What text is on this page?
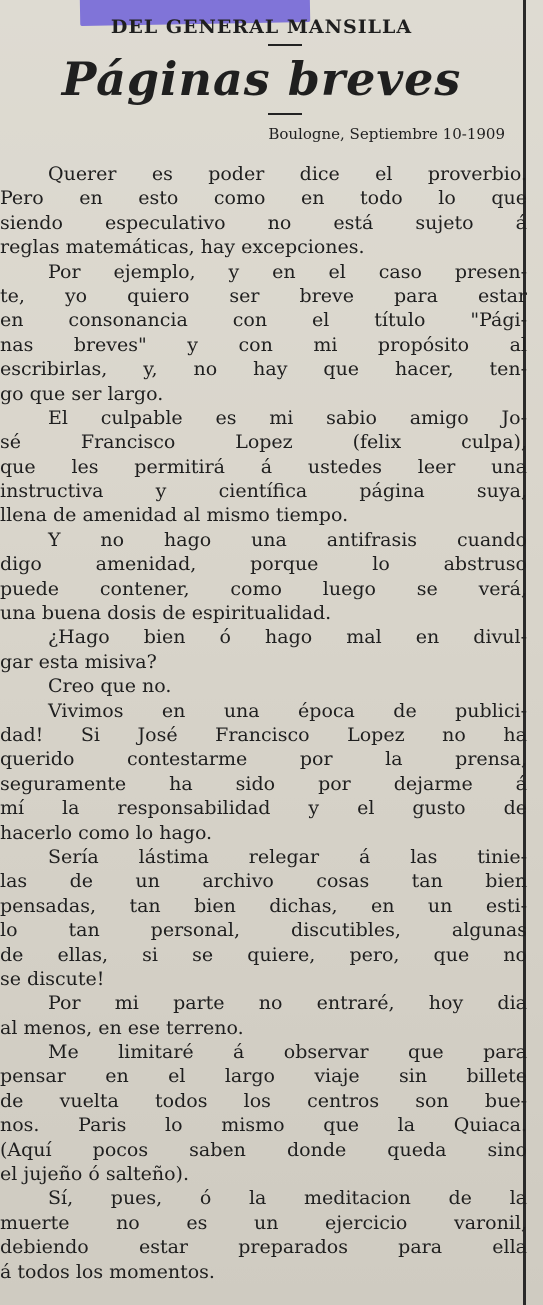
DEL GENERAL MANSILLA
Páginas breves
Boulogne, Septiembre 10-1909
Querer es poder dice el proverbio.
Pero en esto como en todo lo que
siendo especulativo no está sujeto á
reglas matemáticas, hay excepciones.
Por ejemplo, y en el caso presen-
te, yo quiero ser breve para estar
en consonancia con el título "Pági-
nas breves" y con mi propósito al
escribirlas, y, no hay que hacer, ten-
go que ser largo.
El culpable es mi sabio amigo Jo-
sé Francisco Lopez (felix culpa),
que les permitirá á ustedes leer una
instructiva y científica página suya,
llena de amenidad al mismo tiempo.
Y no hago una antifrasis cuando
digo amenidad, porque lo abstruso
puede contener, como luego se verá,
una buena dosis de espiritualidad.
¿Hago bien ó hago mal en divul-
gar esta misiva?
Creo que no.
Vivimos en una época de publici-
dad! Si José Francisco Lopez no ha
querido contestarme por la prensa,
seguramente ha sido por dejarme á
mí la responsabilidad y el gusto de
hacerlo como lo hago.
Sería lástima relegar á las tinie-
las de un archivo cosas tan bien
pensadas, tan bien dichas, en un esti-
lo tan personal, discutibles, algunas
de ellas, si se quiere, pero, que no
se discute!
Por mi parte no entraré, hoy dia
al menos, en ese terreno.
Me limitaré á observar que para
pensar en el largo viaje sin billete
de vuelta todos los centros son bue-
nos. Paris lo mismo que la Quiaca.
(Aquí pocos saben donde queda sino
el jujeño ó salteño).
Sí, pues, ó la meditacion de la
muerte no es un ejercicio varonil,
debiendo estar preparados para ella
á todos los momentos.
